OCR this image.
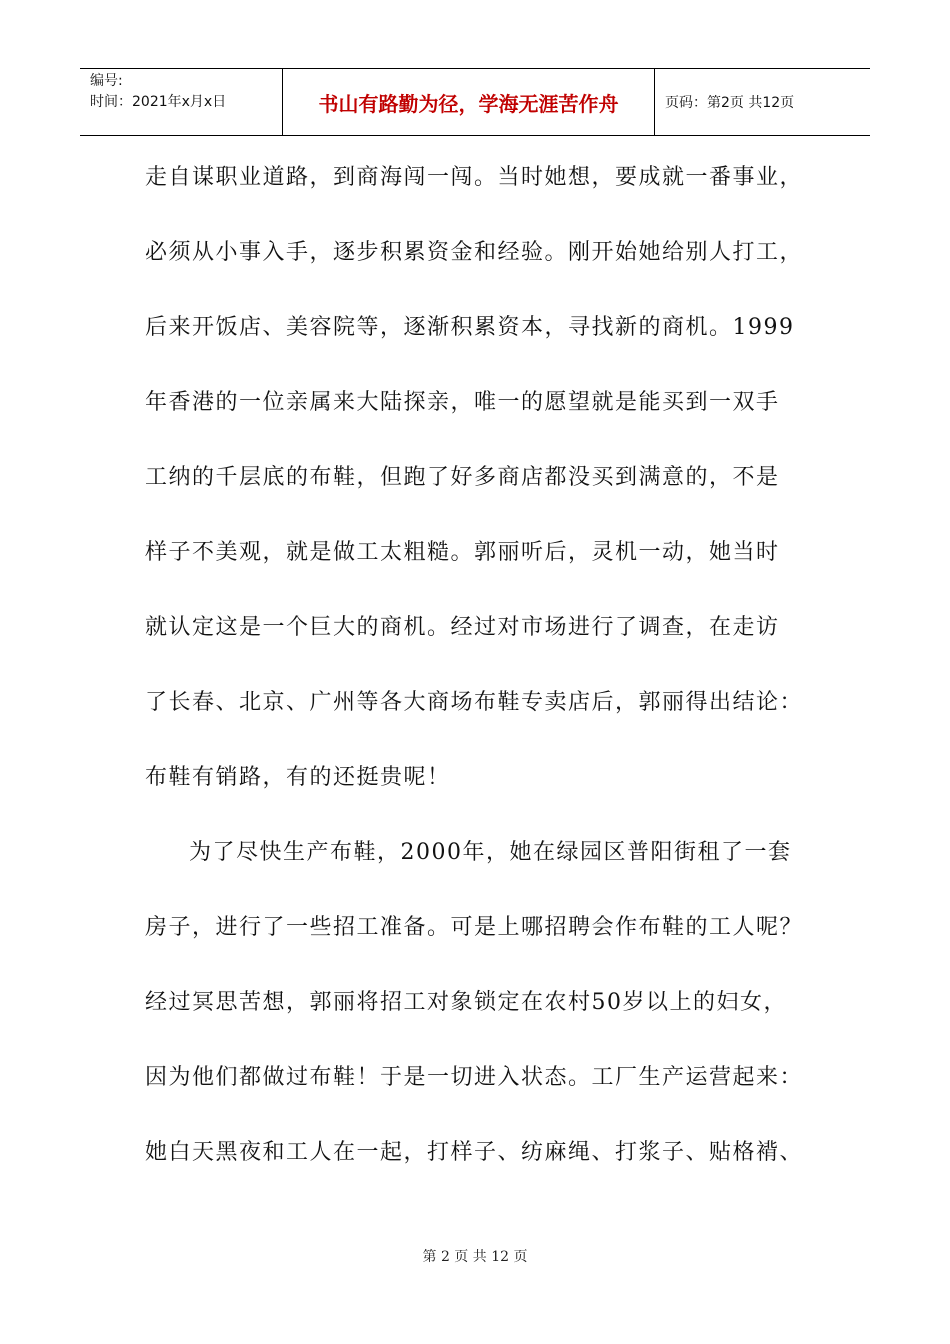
编号:
时间：2021年x月x日	书山有路勤为径，学海无涯苦作舟	页码：第2页 共12页
走自谋职业道路，到商海闯一闯。当时她想，要成就一番事业，
必须从小事入手，逐步积累资金和经验。刚开始她给别人打工，
后来开饭店、美容院等，逐渐积累资本，寻找新的商机。1999
年香港的一位亲属来大陆探亲，唯一的愿望就是能买到一双手
工纳的千层底的布鞋，但跑了好多商店都没买到满意的，不是
样子不美观，就是做工太粗糙。郭丽听后，灵机一动，她当时
就认定这是一个巨大的商机。经过对市场进行了调查，在走访
了长春、北京、广州等各大商场布鞋专卖店后，郭丽得出结论：
布鞋有销路，有的还挺贵呢！
为了尽快生产布鞋，2000年，她在绿园区普阳街租了一套
房子，进行了一些招工准备。可是上哪招聘会作布鞋的工人呢？
经过冥思苦想，郭丽将招工对象锁定在农村50岁以上的妇女，
因为他们都做过布鞋！于是一切进入状态。工厂生产运营起来：
她白天黑夜和工人在一起，打样子、纺麻绳、打浆子、贴格褙、
第 2 页 共 12 页
